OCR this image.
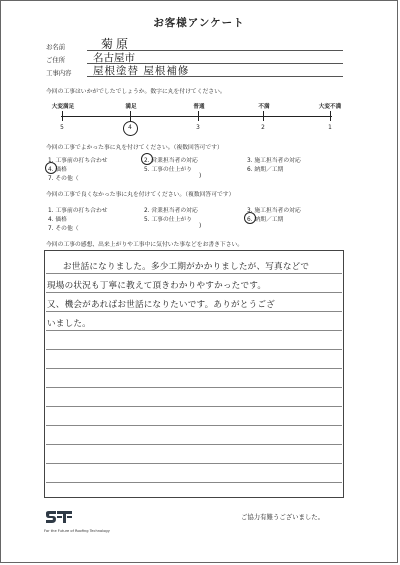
お客様アンケート
お名前	菊原
ご住所	名古屋市
工事内容 屋根塗替 屋根補修
今回の工事はいかがでしたでしょうか。数字に丸を付けてください。
大変満足	満足	普通	不満	大変不満
5	4	3	2	1
今回の工事でよかった事に丸を付けてください。（複数回答可です）
1. 工事前の打ち合わせ	2. 営業担当者の対応	3. 施工担当者の対応
4. 価格	5. 工事の仕上がり	6. 納期／工期
7. その他（	)
今回の工事で良くなかった事に丸を付けてください。（複数回答可です）
1. 工事前の打ち合わせ	2. 営業担当者の対応	3. 施工担当者の対応
4. 価格	5. 工事の仕上がり	6. 納期／工期
7. その他（	)
今回の工事の感想、出来上がりや工事中に気付いた事などをお書き下さい。
お世話になりました。多少工期がかかりましたが、写真などで
現場の状況も丁寧に教えて頂きわかりやすかったです。
又、機会があればお世話になりたいです。ありがとうござ
いました。
For the Future of Roofing Technology
ご協力有難うございました。
